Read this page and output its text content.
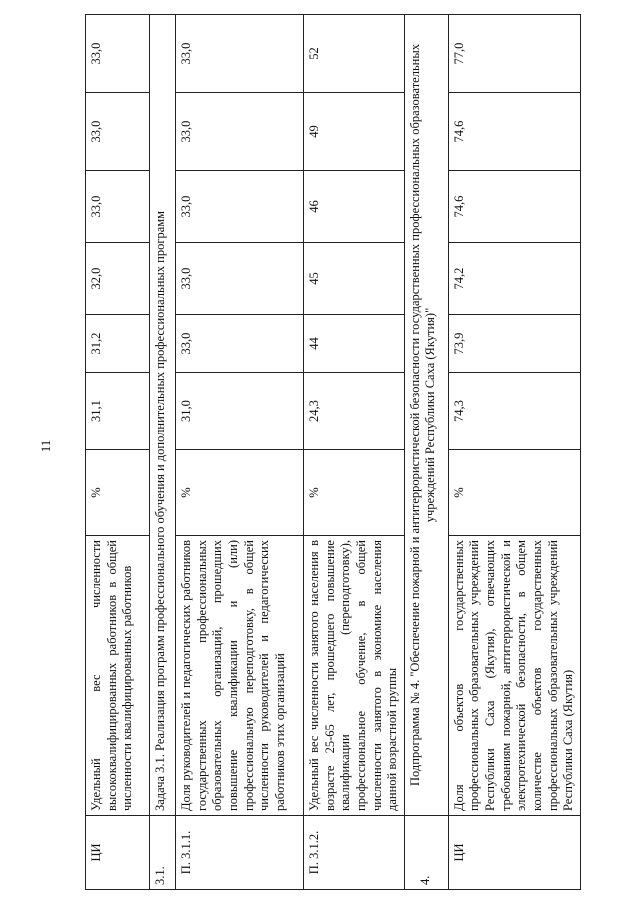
11
ЦИ	Удельный вес численности высококвалифицированных работников в общей численности квалифицированных работников	%	31,1	31,2	32,0	33,0	33,0	33,0
3.1.	Задача 3.1. Реализация программ профессионального обучения и дополнительных профессиональных программ							
П. 3.1.1.	Доля руководителей и педагогических работников государственных профессиональных образовательных организаций, прошедших повышение квалификации и (или) профессиональную переподготовку, в общей численности руководителей и педагогических работников этих организаций	%	31,0	33,0	33,0	33,0	33,0	33,0
П. 3.1.2.	Удельный вес численности занятого населения в возрасте 25-65 лет, прошедшего повышение квалификации (переподготовку), профессиональное обучение, в общей численности занятого в экономике населения данной возрастной группы	%	24,3	44	45	46	49	52
4.	Подпрограмма № 4. "Обеспечение пожарной и антитеррористической безопасности государственных профессиональных образовательных учреждений Республики Саха (Якутия)"							
ЦИ	Доля объектов государственных профессиональных образовательных учреждений Республики Саха (Якутия), отвечающих требованиям пожарной, антитеррористической и электротехнической безопасности, в общем количестве объектов государственных профессиональных образовательных учреждений Республики Саха (Якутия)	%	74,3	73,9	74,2	74,6	74,6	77,0
